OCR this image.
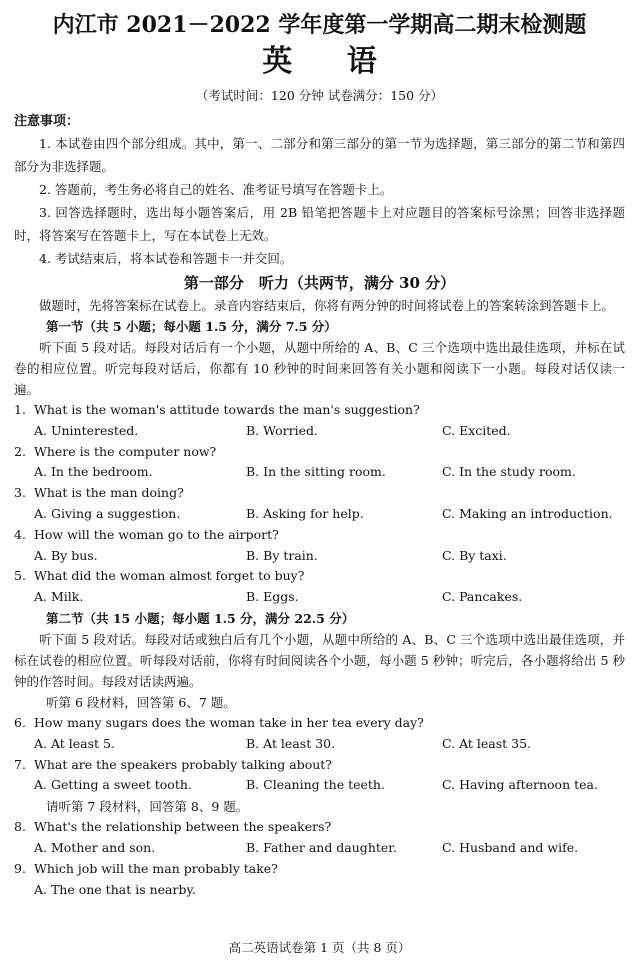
内江市 2021－2022 学年度第一学期高二期末检测题
英 语
（考试时间：120 分钟 试卷满分：150 分）
注意事项：
1. 本试卷由四个部分组成。其中，第一、二部分和第三部分的第一节为选择题，第三部分的第二节和第四部分为非选择题。
2. 答题前，考生务必将自己的姓名、准考证号填写在答题卡上。
3. 回答选择题时，选出每小题答案后，用 2B 铅笔把答题卡上对应题目的答案标号涂黑；回答非选择题时，将答案写在答题卡上，写在本试卷上无效。
4. 考试结束后，将本试卷和答题卡一并交回。
第一部分　听力（共两节，满分 30 分）
做题时，先将答案标在试卷上。录音内容结束后，你将有两分钟的时间将试卷上的答案转涂到答题卡上。
第一节（共 5 小题；每小题 1.5 分，满分 7.5 分）
听下面 5 段对话。每段对话后有一个小题，从题中所给的 A、B、C 三个选项中选出最佳选项，并标在试卷的相应位置。听完每段对话后，你都有 10 秒钟的时间来回答有关小题和阅读下一小题。每段对话仅读一遍。
1. What is the woman's attitude towards the man's suggestion?
A. Uninterested.	B. Worried.	C. Excited.
2. Where is the computer now?
A. In the bedroom.	B. In the sitting room.	C. In the study room.
3. What is the man doing?
A. Giving a suggestion.	B. Asking for help.	C. Making an introduction.
4. How will the woman go to the airport?
A. By bus.	B. By train.	C. By taxi.
5. What did the woman almost forget to buy?
A. Milk.	B. Eggs.	C. Pancakes.
第二节（共 15 小题；每小题 1.5 分，满分 22.5 分）
听下面 5 段对话。每段对话或独白后有几个小题，从题中所给的 A、B、C 三个选项中选出最佳选项，并标在试卷的相应位置。听每段对话前，你将有时间阅读各个小题，每小题 5 秒钟；听完后，各小题将给出 5 秒钟的作答时间。每段对话读两遍。
听第 6 段材料，回答第 6、7 题。
6. How many sugars does the woman take in her tea every day?
A. At least 5.	B. At least 30.	C. At least 35.
7. What are the speakers probably talking about?
A. Getting a sweet tooth.	B. Cleaning the teeth.	C. Having afternoon tea.
请听第 7 段材料，回答第 8、9 题。
8. What's the relationship between the speakers?
A. Mother and son.	B. Father and daughter.	C. Husband and wife.
9. Which job will the man probably take?
A. The one that is nearby.
高二英语试卷第 1 页（共 8 页）
